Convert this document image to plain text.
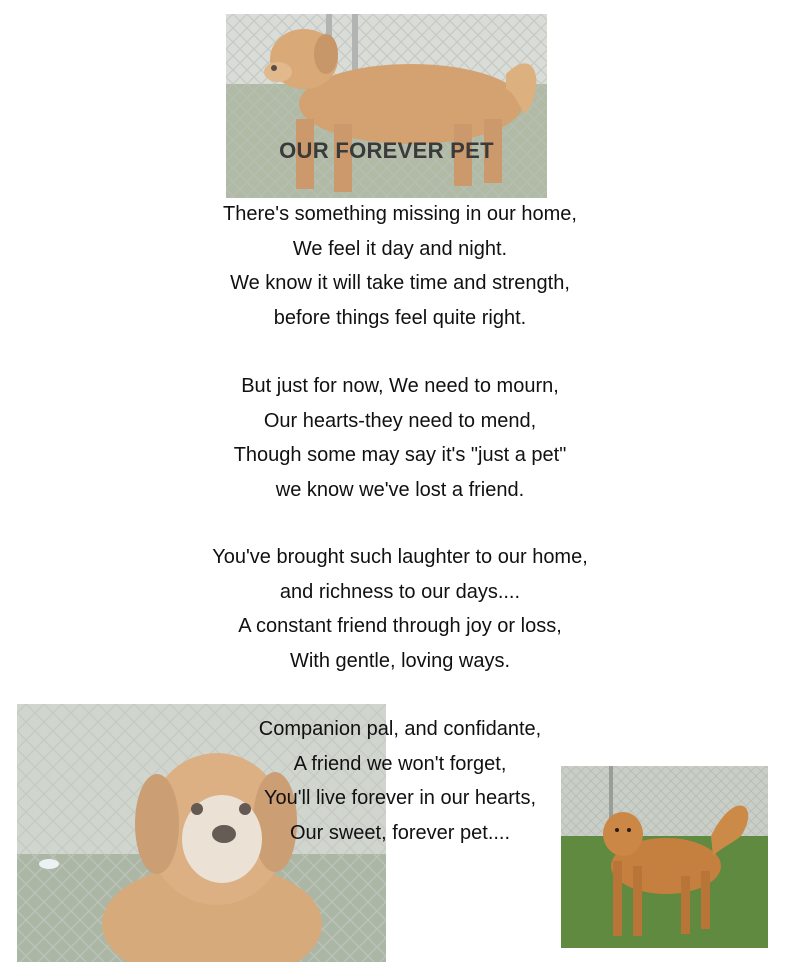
OUR FOREVER PET
There's something missing in our home,
We feel it day and night.
We know it will take time and strength,
before things feel quite right.
But just for now, We need to mourn,
Our hearts-they need to mend,
Though some may say it's "just a pet"
we know we've lost a friend.
You've brought such laughter to our home,
and richness to our days....
A constant friend through joy or loss,
With gentle, loving ways.
Companion pal, and confidante,
A friend we won't forget,
You'll live forever in our hearts,
Our sweet, forever pet....
